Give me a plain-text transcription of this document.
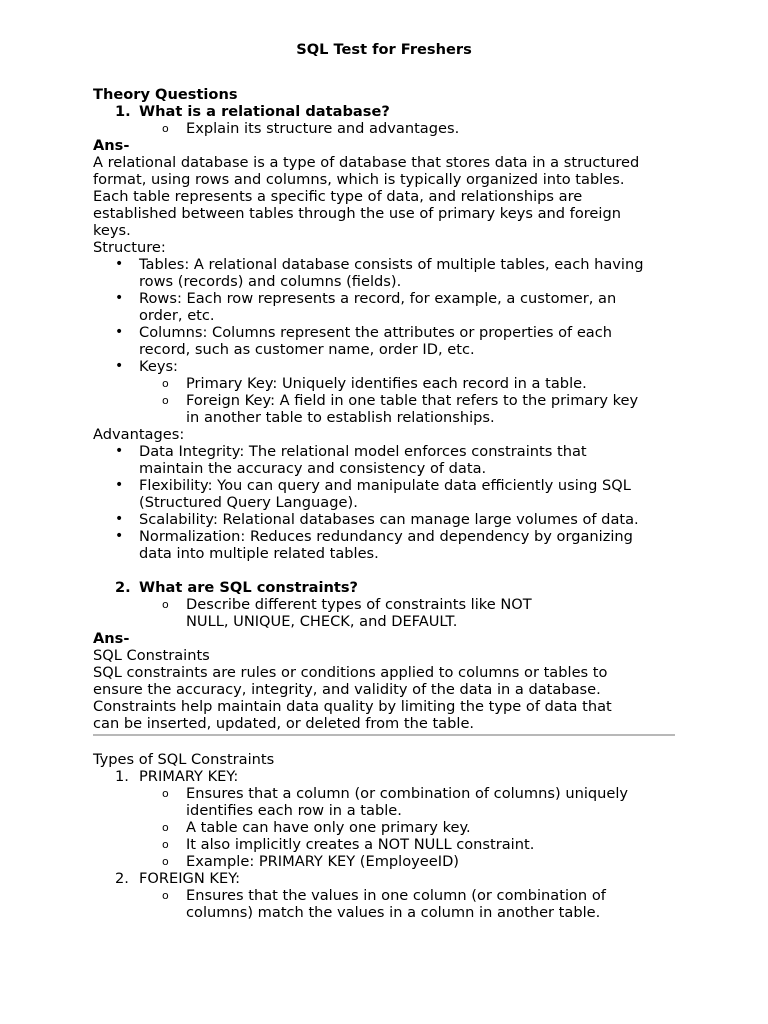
SQL Test for Freshers
Theory Questions
1. What is a relational database?
o	Explain its structure and advantages.
Ans-
A relational database is a type of database that stores data in a structured
format, using rows and columns, which is typically organized into tables.
Each table represents a specific type of data, and relationships are
established between tables through the use of primary keys and foreign
keys.
Structure:
•	Tables: A relational database consists of multiple tables, each having
rows (records) and columns (fields).
•	Rows: Each row represents a record, for example, a customer, an
order, etc.
•	Columns: Columns represent the attributes or properties of each
record, such as customer name, order ID, etc.
•	Keys:
o	Primary Key: Uniquely identifies each record in a table.
o	Foreign Key: A field in one table that refers to the primary key
in another table to establish relationships.
Advantages:
•	Data Integrity: The relational model enforces constraints that
maintain the accuracy and consistency of data.
•	Flexibility: You can query and manipulate data efficiently using SQL
(Structured Query Language).
•	Scalability: Relational databases can manage large volumes of data.
•	Normalization: Reduces redundancy and dependency by organizing
data into multiple related tables.
2. What are SQL constraints?
o	Describe different types of constraints like NOT
NULL, UNIQUE, CHECK, and DEFAULT.
Ans-
SQL Constraints
SQL constraints are rules or conditions applied to columns or tables to
ensure the accuracy, integrity, and validity of the data in a database.
Constraints help maintain data quality by limiting the type of data that
can be inserted, updated, or deleted from the table.
Types of SQL Constraints
1. PRIMARY KEY:
o	Ensures that a column (or combination of columns) uniquely
identifies each row in a table.
o	A table can have only one primary key.
o	It also implicitly creates a NOT NULL constraint.
o	Example: PRIMARY KEY (EmployeeID)
2. FOREIGN KEY:
o	Ensures that the values in one column (or combination of
columns) match the values in a column in another table.
